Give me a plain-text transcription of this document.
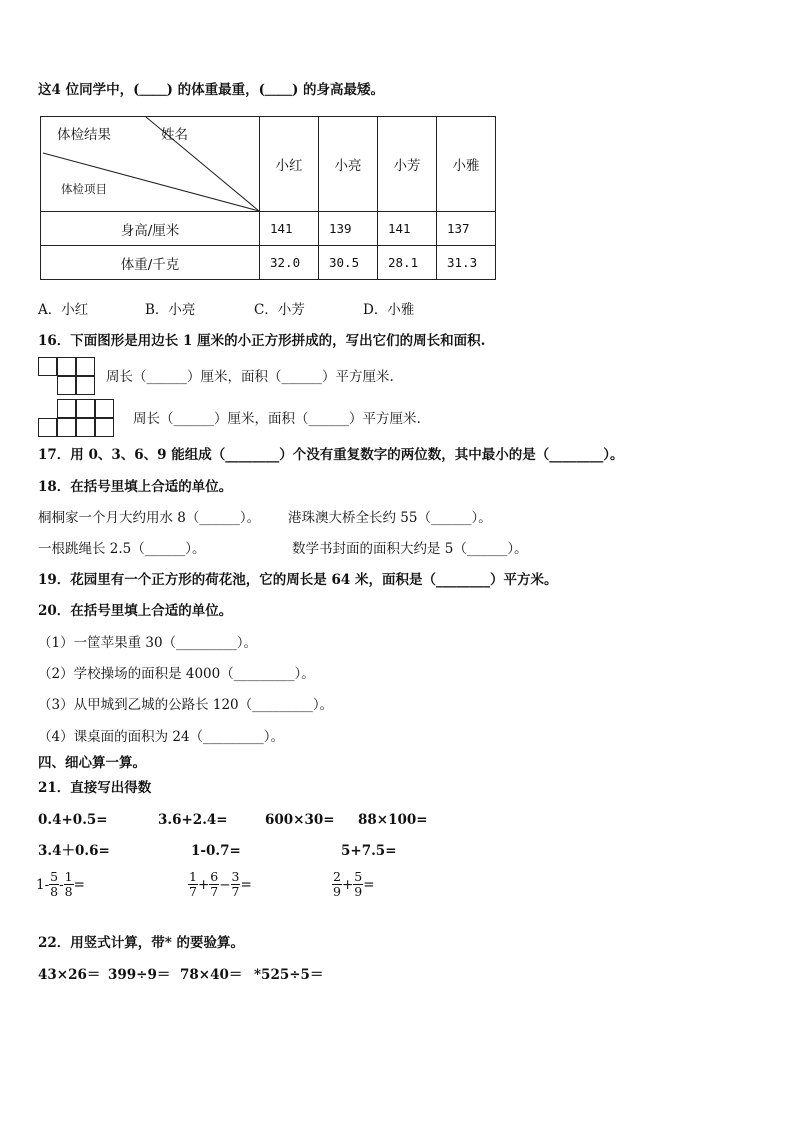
这4 位同学中，(＿＿) 的体重最重，(＿＿) 的身高最矮。
体检结果 姓名
体检项目	小红	小亮	小芳	小雅
身高/厘米	141	139	141	137
体重/千克	32.0	30.5	28.1	31.3
A．小红	B．小亮	C．小芳	D．小雅
16．下面图形是用边长 1 厘米的小正方形拼成的，写出它们的周长和面积.
周长（______）厘米，面积（______）平方厘米.
周长（______）厘米，面积（______）平方厘米.
17．用 0、3、6、9 能组成（________）个没有重复数字的两位数，其中最小的是（________）。
18．在括号里填上合适的单位。
桐桐家一个月大约用水 8（______）。 港珠澳大桥全长约 55（______）。
一根跳绳长 2.5（______）。	数学书封面的面积大约是 5（______）。
19．花园里有一个正方形的荷花池，它的周长是 64 米，面积是（________）平方米。
20．在括号里填上合适的单位。
（1）一筐苹果重 30（_________）。
（2）学校操场的面积是 4000（_________）。
（3）从甲城到乙城的公路长 120（_________）。
（4）课桌面的面积为 24（_________）。
四、细心算一算。
21．直接写出得数
0.4+0.5=	3.6+2.4=	600×30= 88×100=
3.4＋0.6=	1-0.7=	5+7.5=
$1- \frac{5}{8} - \frac{1}{8}$ =	$\frac{1}{7} + \frac{6}{7} - \frac{3}{7}$ =	$\frac{2}{9} + \frac{5}{9}$ =
22．用竖式计算，带* 的要验算。
43×26＝ 399÷9＝ 78×40＝ *525÷5＝
